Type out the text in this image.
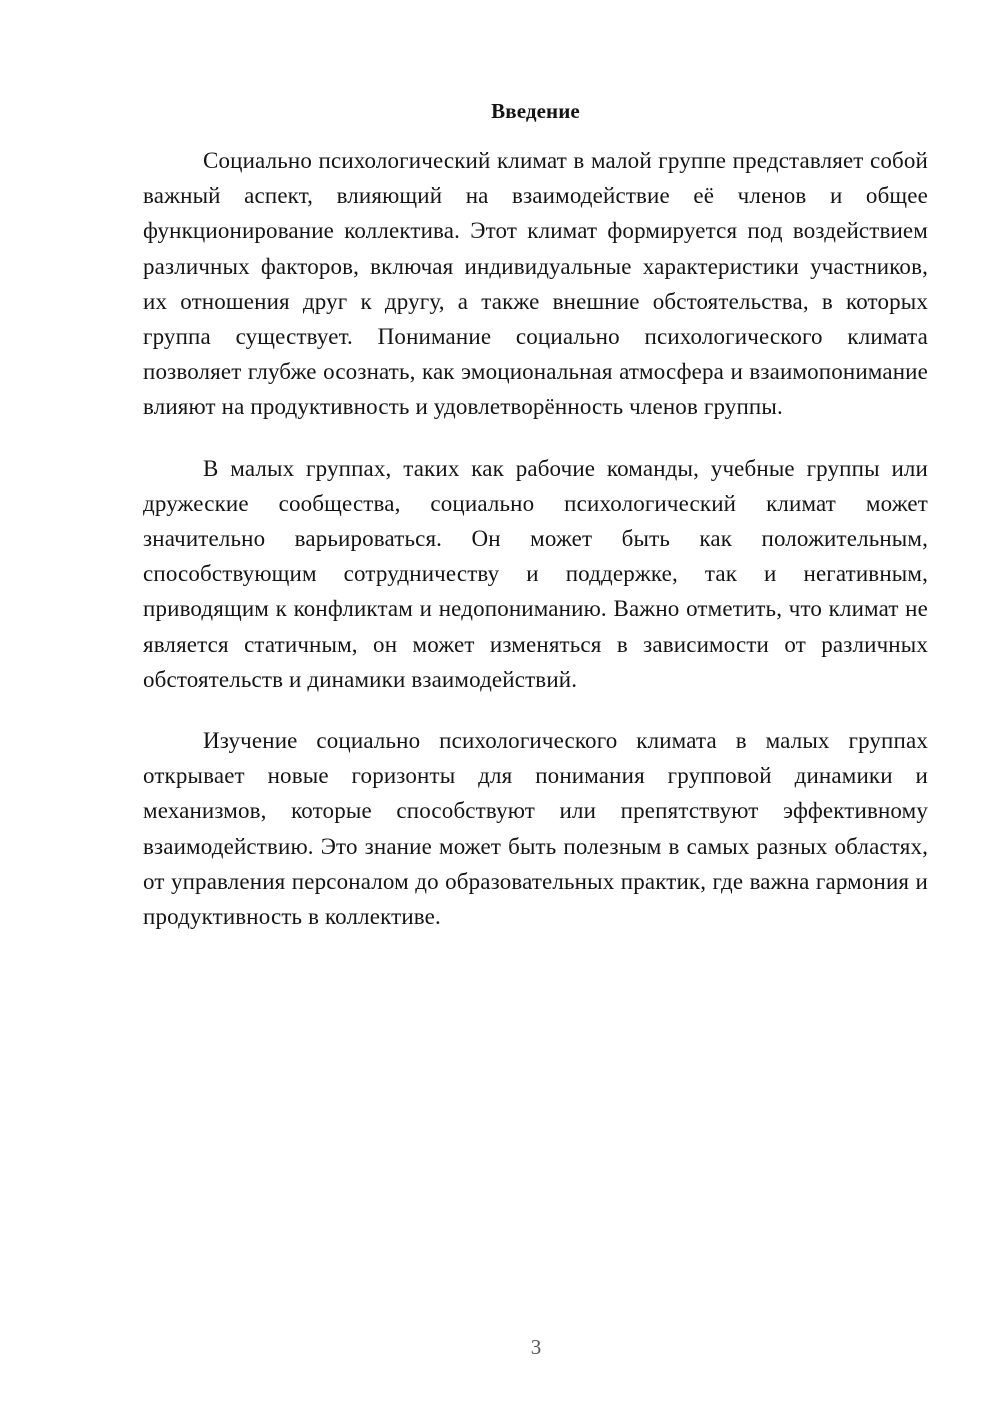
Введение

Социально психологический климат в малой группе представляет собой важный аспект, влияющий на взаимодействие её членов и общее функционирование коллектива. Этот климат формируется под воздействием различных факторов, включая индивидуальные характеристики участников, их отношения друг к другу, а также внешние обстоятельства, в которых группа существует. Понимание социально психологического климата позволяет глубже осознать, как эмоциональная атмосфера и взаимопонимание влияют на продуктивность и удовлетворённость членов группы.

В малых группах, таких как рабочие команды, учебные группы или дружеские сообщества, социально психологический климат может значительно варьироваться. Он может быть как положительным, способствующим сотрудничеству и поддержке, так и негативным, приводящим к конфликтам и недопониманию. Важно отметить, что климат не является статичным, он может изменяться в зависимости от различных обстоятельств и динамики взаимодействий.

Изучение социально психологического климата в малых группах открывает новые горизонты для понимания групповой динамики и механизмов, которые способствуют или препятствуют эффективному взаимодействию. Это знание может быть полезным в самых разных областях, от управления персоналом до образовательных практик, где важна гармония и продуктивность в коллективе.

3
